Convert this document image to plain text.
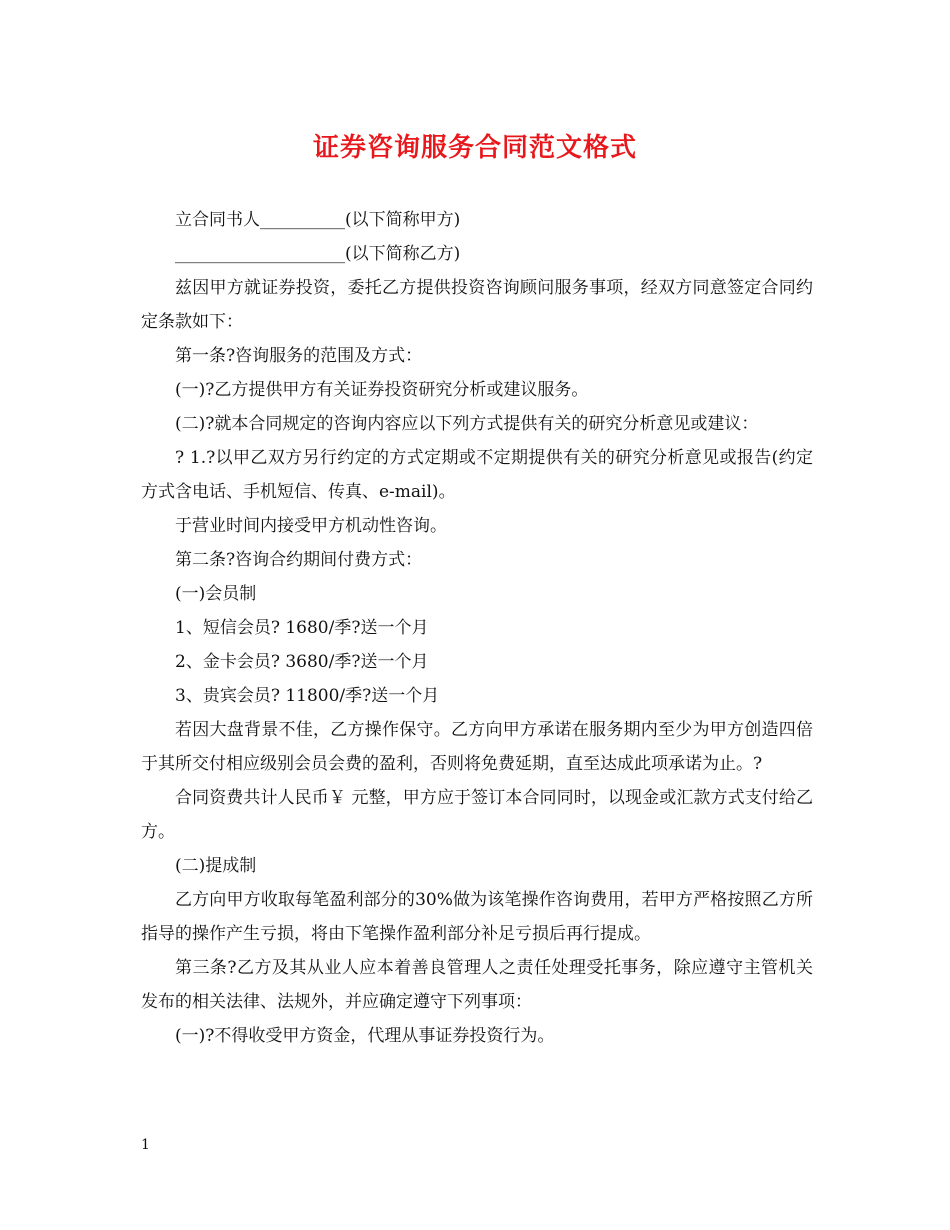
证券咨询服务合同范文格式

立合同书人__________(以下简称甲方)

____________________(以下简称乙方)

兹因甲方就证券投资，委托乙方提供投资咨询顾问服务事项，经双方同意签定合同约定条款如下：

第一条?咨询服务的范围及方式：

(一)?乙方提供甲方有关证券投资研究分析或建议服务。

(二)?就本合同规定的咨询内容应以下列方式提供有关的研究分析意见或建议：

? 1.?以甲乙双方另行约定的方式定期或不定期提供有关的研究分析意见或报告(约定方式含电话、手机短信、传真、e-mail)。

于营业时间内接受甲方机动性咨询。

第二条?咨询合约期间付费方式：

(一)会员制

1、短信会员? 1680/季?送一个月

2、金卡会员? 3680/季?送一个月

3、贵宾会员? 11800/季?送一个月

若因大盘背景不佳，乙方操作保守。乙方向甲方承诺在服务期内至少为甲方创造四倍于其所交付相应级别会员会费的盈利，否则将免费延期，直至达成此项承诺为止。?

合同资费共计人民币￥ 元整，甲方应于签订本合同同时，以现金或汇款方式支付给乙方。

(二)提成制

乙方向甲方收取每笔盈利部分的30%做为该笔操作咨询费用，若甲方严格按照乙方所指导的操作产生亏损，将由下笔操作盈利部分补足亏损后再行提成。

第三条?乙方及其从业人应本着善良管理人之责任处理受托事务，除应遵守主管机关发布的相关法律、法规外，并应确定遵守下列事项：

(一)?不得收受甲方资金，代理从事证券投资行为。

1
